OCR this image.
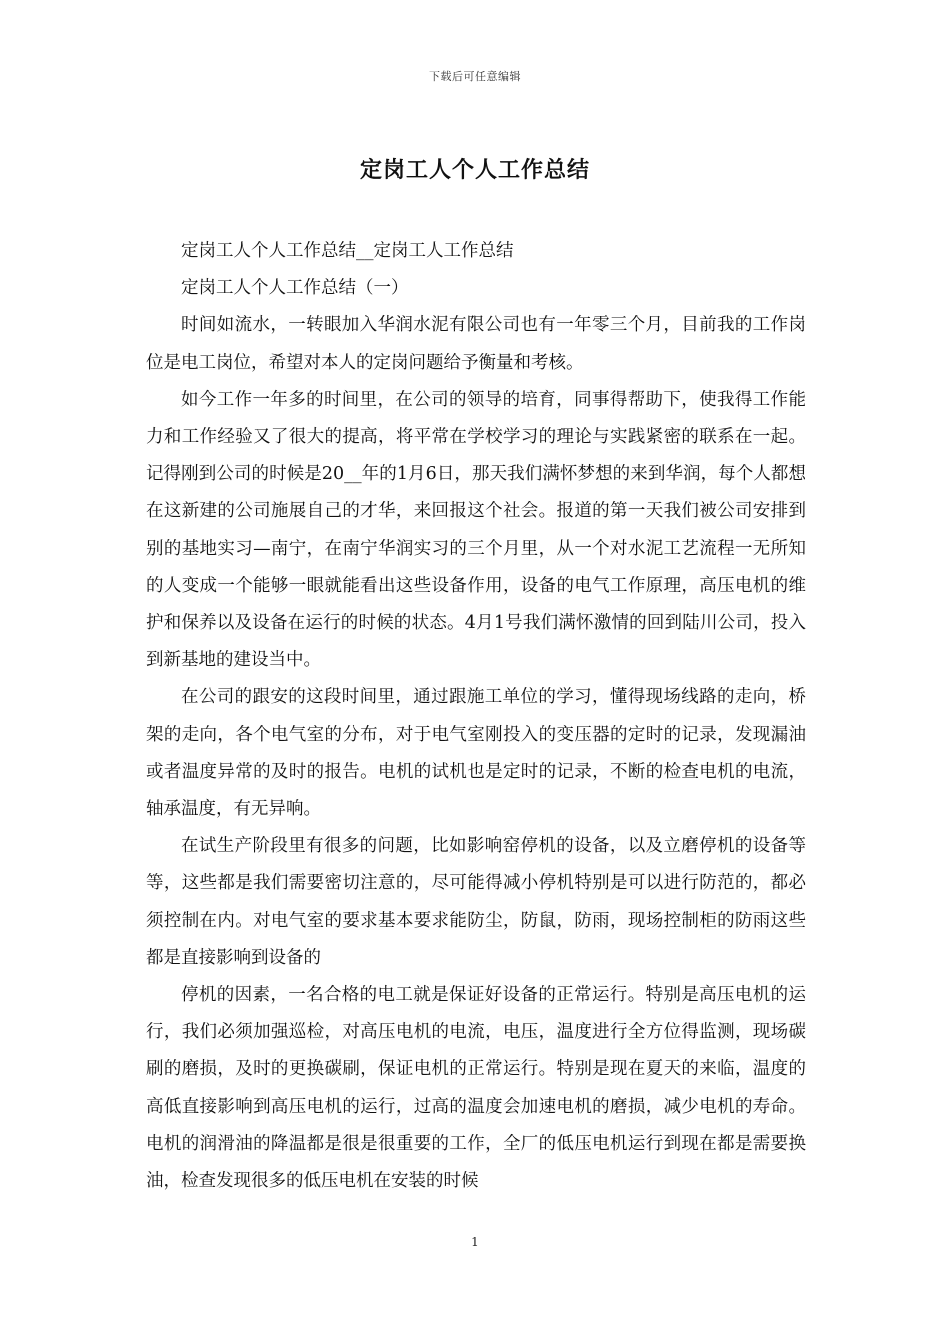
下载后可任意编辑
定岗工人个人工作总结

定岗工人个人工作总结__定岗工人工作总结

定岗工人个人工作总结（一）

时间如流水，一转眼加入华润水泥有限公司也有一年零三个月，目前我的工作岗位是电工岗位，希望对本人的定岗问题给予衡量和考核。

如今工作一年多的时间里，在公司的领导的培育，同事得帮助下，使我得工作能力和工作经验又了很大的提高，将平常在学校学习的理论与实践紧密的联系在一起。记得刚到公司的时候是20__年的1月6日，那天我们满怀梦想的来到华润，每个人都想在这新建的公司施展自己的才华，来回报这个社会。报道的第一天我们被公司安排到别的基地实习—南宁，在南宁华润实习的三个月里，从一个对水泥工艺流程一无所知的人变成一个能够一眼就能看出这些设备作用，设备的电气工作原理，高压电机的维护和保养以及设备在运行的时候的状态。4月1号我们满怀激情的回到陆川公司，投入到新基地的建设当中。

在公司的跟安的这段时间里，通过跟施工单位的学习，懂得现场线路的走向，桥架的走向，各个电气室的分布，对于电气室刚投入的变压器的定时的记录，发现漏油或者温度异常的及时的报告。电机的试机也是定时的记录，不断的检查电机的电流，轴承温度，有无异响。

在试生产阶段里有很多的问题，比如影响窑停机的设备，以及立磨停机的设备等等，这些都是我们需要密切注意的，尽可能得减小停机特别是可以进行防范的，都必须控制在内。对电气室的要求基本要求能防尘，防鼠，防雨，现场控制柜的防雨这些都是直接影响到设备的

停机的因素，一名合格的电工就是保证好设备的正常运行。特别是高压电机的运行，我们必须加强巡检，对高压电机的电流，电压，温度进行全方位得监测，现场碳刷的磨损，及时的更换碳刷，保证电机的正常运行。特别是现在夏天的来临，温度的高低直接影响到高压电机的运行，过高的温度会加速电机的磨损，减少电机的寿命。电机的润滑油的降温都是很是很重要的工作，全厂的低压电机运行到现在都是需要换油，检查发现很多的低压电机在安装的时候

1
